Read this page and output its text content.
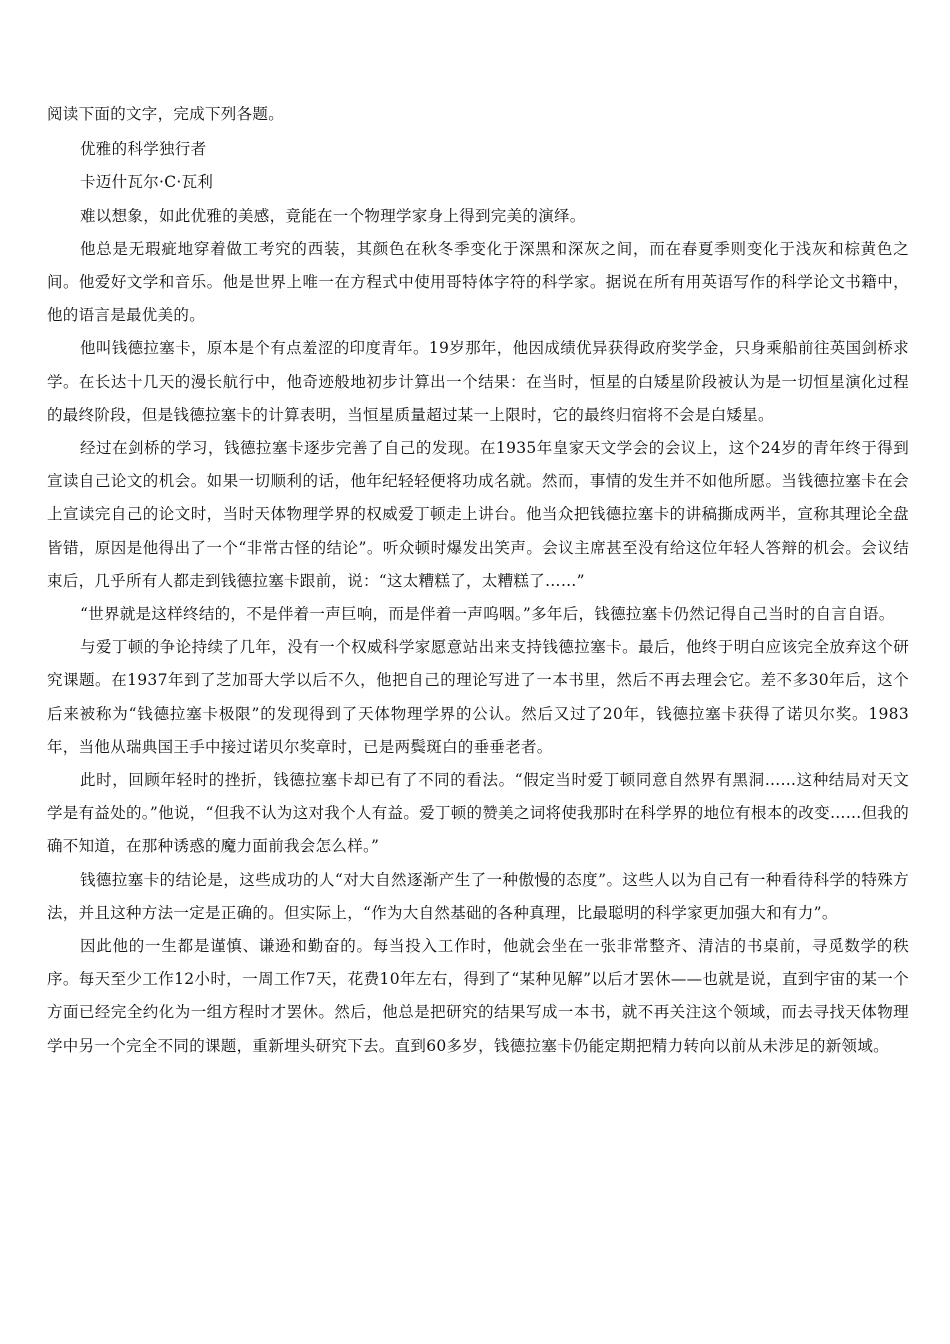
阅读下面的文字，完成下列各题。

优雅的科学独行者

卡迈什瓦尔·C·瓦利

难以想象，如此优雅的美感，竟能在一个物理学家身上得到完美的演绎。

他总是无瑕疵地穿着做工考究的西装，其颜色在秋冬季变化于深黑和深灰之间，而在春夏季则变化于浅灰和棕黄色之间。他爱好文学和音乐。他是世界上唯一在方程式中使用哥特体字符的科学家。据说在所有用英语写作的科学论文书籍中，他的语言是最优美的。

他叫钱德拉塞卡，原本是个有点羞涩的印度青年。19岁那年，他因成绩优异获得政府奖学金，只身乘船前往英国剑桥求学。在长达十几天的漫长航行中，他奇迹般地初步计算出一个结果：在当时，恒星的白矮星阶段被认为是一切恒星演化过程的最终阶段，但是钱德拉塞卡的计算表明，当恒星质量超过某一上限时，它的最终归宿将不会是白矮星。

经过在剑桥的学习，钱德拉塞卡逐步完善了自己的发现。在1935年皇家天文学会的会议上，这个24岁的青年终于得到宣读自己论文的机会。如果一切顺利的话，他年纪轻轻便将功成名就。然而，事情的发生并不如他所愿。当钱德拉塞卡在会上宣读完自己的论文时，当时天体物理学界的权威爱丁顿走上讲台。他当众把钱德拉塞卡的讲稿撕成两半，宣称其理论全盘皆错，原因是他得出了一个“非常古怪的结论”。听众顿时爆发出笑声。会议主席甚至没有给这位年轻人答辩的机会。会议结束后，几乎所有人都走到钱德拉塞卡跟前，说：“这太糟糕了，太糟糕了……”

“世界就是这样终结的，不是伴着一声巨响，而是伴着一声呜咽。”多年后，钱德拉塞卡仍然记得自己当时的自言自语。

与爱丁顿的争论持续了几年，没有一个权威科学家愿意站出来支持钱德拉塞卡。最后，他终于明白应该完全放弃这个研究课题。在1937年到了芝加哥大学以后不久，他把自己的理论写进了一本书里，然后不再去理会它。差不多30年后，这个后来被称为“钱德拉塞卡极限”的发现得到了天体物理学界的公认。然后又过了20年，钱德拉塞卡获得了诺贝尔奖。1983年，当他从瑞典国王手中接过诺贝尔奖章时，已是两鬓斑白的垂垂老者。

此时，回顾年轻时的挫折，钱德拉塞卡却已有了不同的看法。“假定当时爱丁顿同意自然界有黑洞……这种结局对天文学是有益处的。”他说，“但我不认为这对我个人有益。爱丁顿的赞美之词将使我那时在科学界的地位有根本的改变……但我的确不知道，在那种诱惑的魔力面前我会怎么样。”

钱德拉塞卡的结论是，这些成功的人“对大自然逐渐产生了一种傲慢的态度”。这些人以为自己有一种看待科学的特殊方法，并且这种方法一定是正确的。但实际上，“作为大自然基础的各种真理，比最聪明的科学家更加强大和有力”。

因此他的一生都是谨慎、谦逊和勤奋的。每当投入工作时，他就会坐在一张非常整齐、清洁的书桌前，寻觅数学的秩序。每天至少工作12小时，一周工作7天，花费10年左右，得到了“某种见解”以后才罢休——也就是说，直到宇宙的某一个方面已经完全约化为一组方程时才罢休。然后，他总是把研究的结果写成一本书，就不再关注这个领域，而去寻找天体物理学中另一个完全不同的课题，重新埋头研究下去。直到60多岁，钱德拉塞卡仍能定期把精力转向以前从未涉足的新领域。
